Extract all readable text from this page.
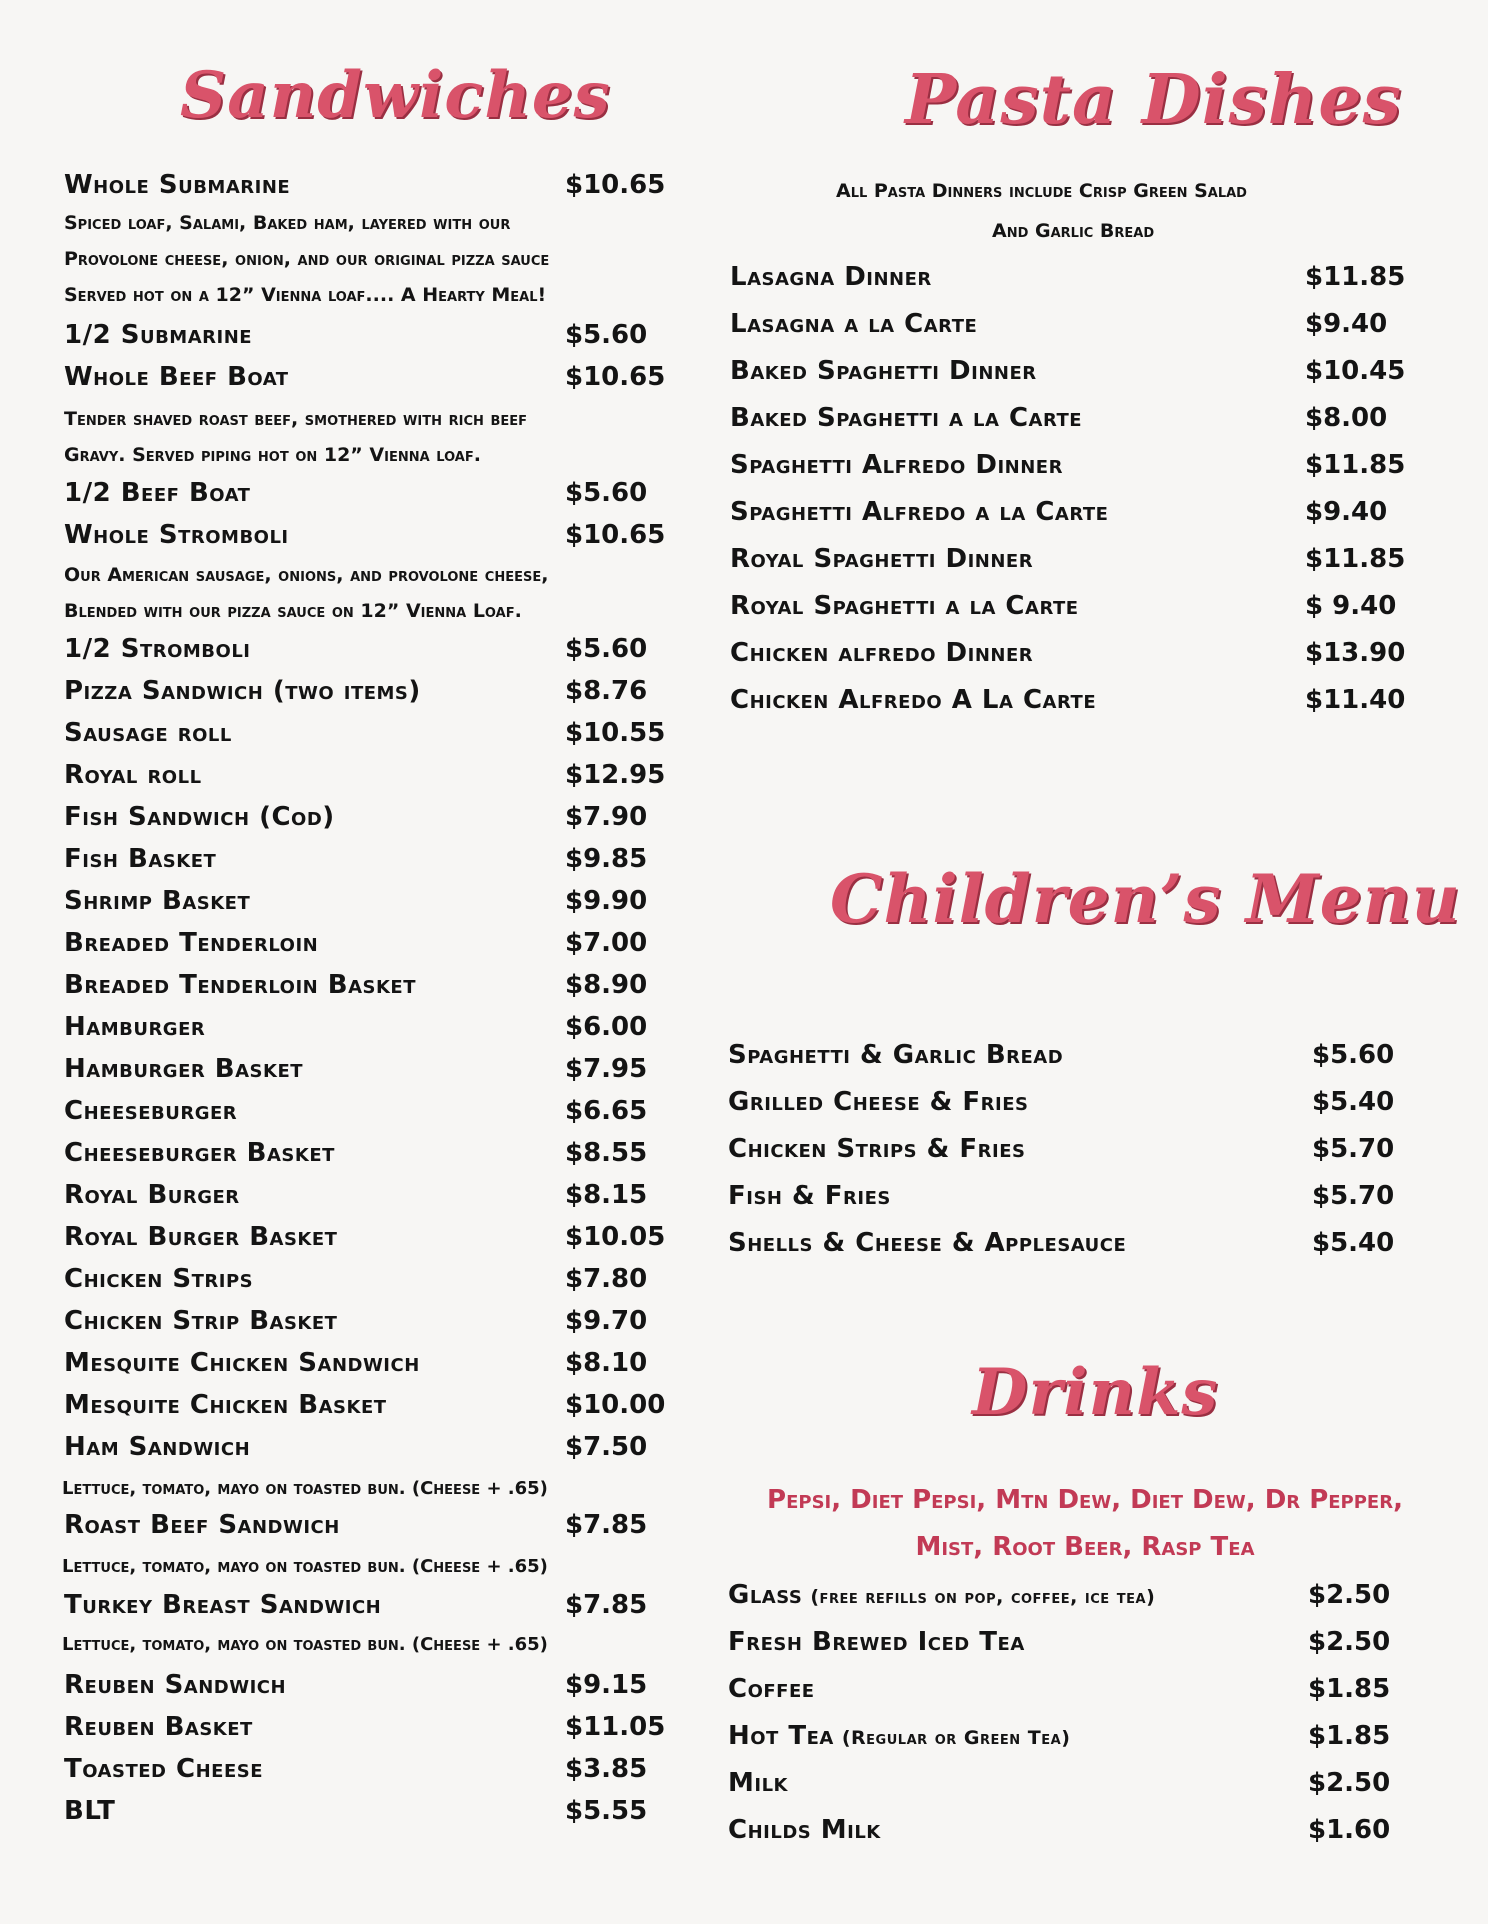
Sandwiches
Whole Submarine	$10.65
Spiced loaf, Salami, Baked ham, layered with our
Provolone cheese, onion, and our original pizza sauce
Served hot on a 12” Vienna loaf.... A Hearty Meal!
1/2 Submarine	$5.60
Whole Beef Boat	$10.65
Tender shaved roast beef, smothered with rich beef
Gravy. Served piping hot on 12” Vienna loaf.
1/2 Beef Boat	$5.60
Whole Stromboli	$10.65
Our American sausage, onions, and provolone cheese,
Blended with our pizza sauce on 12” Vienna Loaf.
1/2 Stromboli	$5.60
Pizza Sandwich (two items)	$8.76
Sausage roll	$10.55
Royal roll	$12.95
Fish Sandwich (Cod)	$7.90
Fish Basket	$9.85
Shrimp Basket	$9.90
Breaded Tenderloin	$7.00
Breaded Tenderloin Basket	$8.90
Hamburger	$6.00
Hamburger Basket	$7.95
Cheeseburger	$6.65
Cheeseburger Basket	$8.55
Royal Burger	$8.15
Royal Burger Basket	$10.05
Chicken Strips	$7.80
Chicken Strip Basket	$9.70
Mesquite Chicken Sandwich	$8.10
Mesquite Chicken Basket	$10.00
Ham Sandwich	$7.50
Lettuce, tomato, mayo on toasted bun. (Cheese + .65)
Roast Beef Sandwich	$7.85
Lettuce, tomato, mayo on toasted bun. (Cheese + .65)
Turkey Breast Sandwich	$7.85
Lettuce, tomato, mayo on toasted bun. (Cheese + .65)
Reuben Sandwich	$9.15
Reuben Basket	$11.05
Toasted Cheese	$3.85
BLT	$5.55
Pasta Dishes
All Pasta Dinners include Crisp Green Salad
And Garlic Bread
Lasagna Dinner	$11.85
Lasagna a la Carte	$9.40
Baked Spaghetti Dinner	$10.45
Baked Spaghetti a la Carte	$8.00
Spaghetti Alfredo Dinner	$11.85
Spaghetti Alfredo a la Carte	$9.40
Royal Spaghetti Dinner	$11.85
Royal Spaghetti a la Carte	$ 9.40
Chicken alfredo Dinner	$13.90
Chicken Alfredo A La Carte	$11.40
Children’s Menu
Spaghetti & Garlic Bread	$5.60
Grilled Cheese & Fries	$5.40
Chicken Strips & Fries	$5.70
Fish & Fries	$5.70
Shells & Cheese & Applesauce	$5.40
Drinks
Pepsi, Diet Pepsi, Mtn Dew, Diet Dew, Dr Pepper,
Mist, Root Beer, Rasp Tea
Glass (free refills on pop, coffee, ice tea)	$2.50
Fresh Brewed Iced Tea	$2.50
Coffee	$1.85
Hot Tea (Regular or Green Tea)	$1.85
Milk	$2.50
Childs Milk	$1.60
